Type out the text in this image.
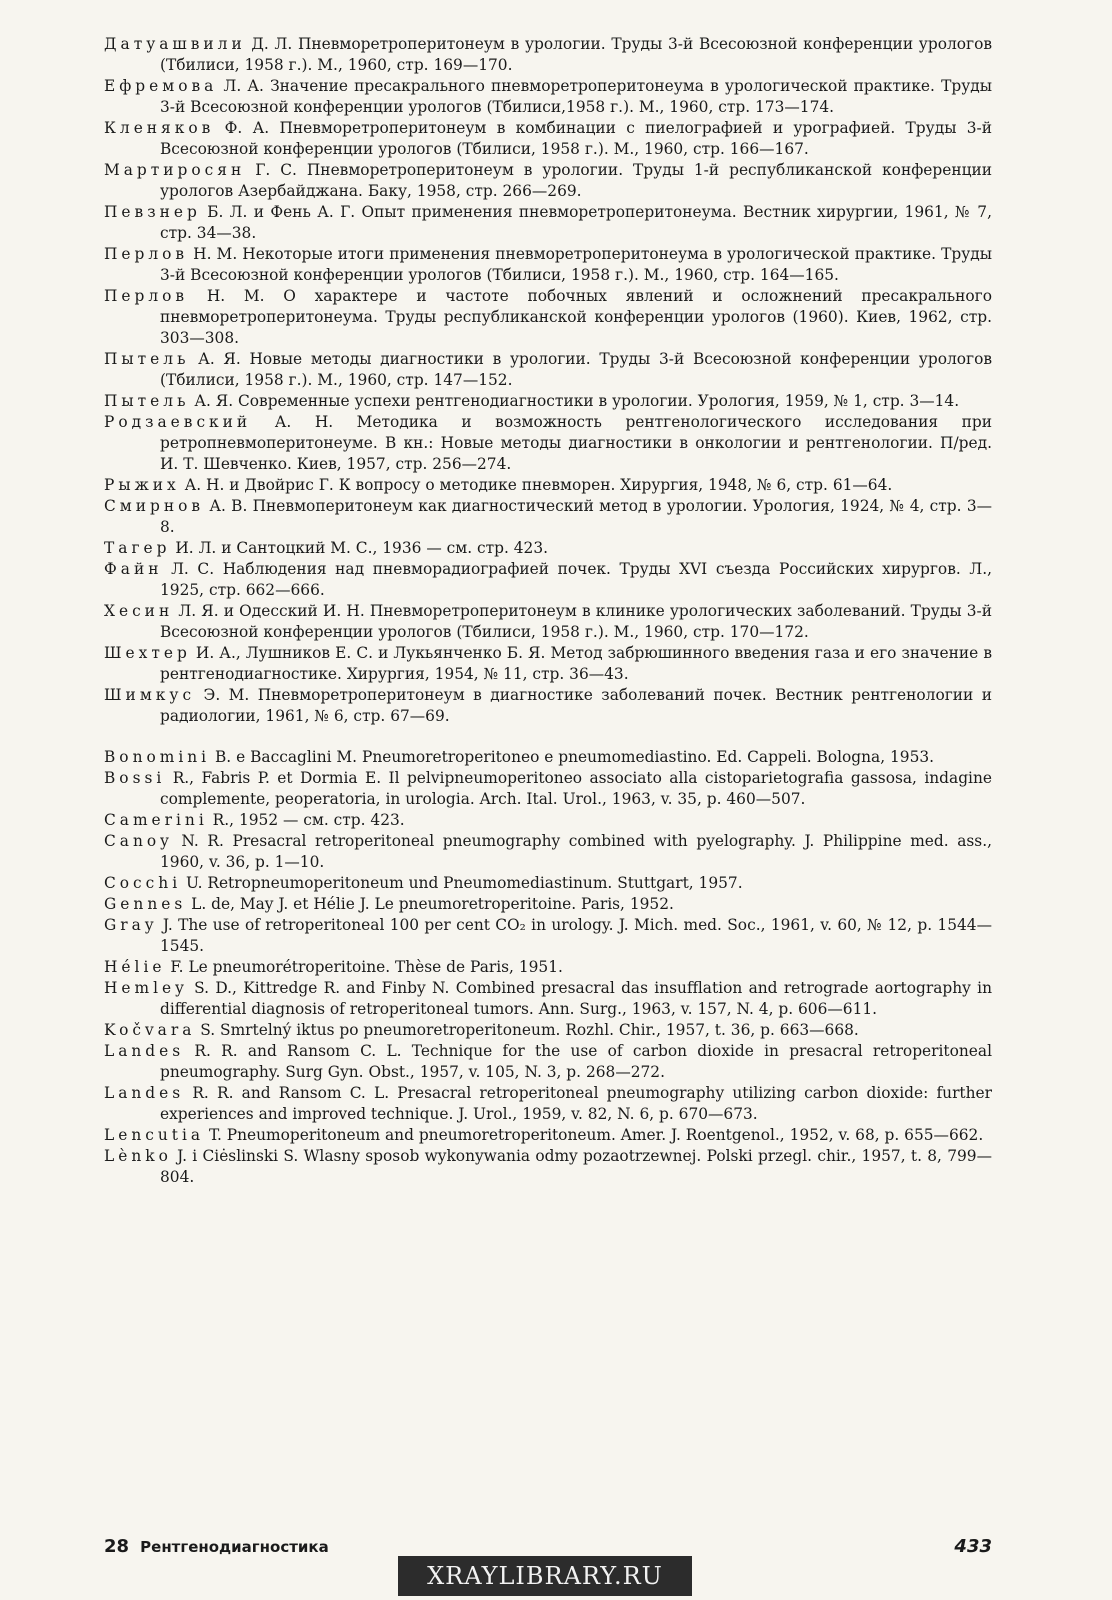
Датуашвили Д. Л. Пневморетроперитонеум в урологии. Труды 3-й Всесоюзной конференции урологов (Тбилиси, 1958 г.). М., 1960, стр. 169—170.
Ефремова Л. А. Значение пресакрального пневморетроперитонеума в урологической практике. Труды 3-й Всесоюзной конференции урологов (Тбилиси,1958 г.). М., 1960, стр. 173—174.
Кленяков Ф. А. Пневморетроперитонеум в комбинации с пиелографией и урографией. Труды 3-й Всесоюзной конференции урологов (Тбилиси, 1958 г.). М., 1960, стр. 166—167.
Мартиросян Г. С. Пневморетроперитонеум в урологии. Труды 1-й республиканской конференции урологов Азербайджана. Баку, 1958, стр. 266—269.
Певзнер Б. Л. и Фень А. Г. Опыт применения пневморетроперитонеума. Вестник хирургии, 1961, № 7, стр. 34—38.
Перлов Н. М. Некоторые итоги применения пневморетроперитонеума в урологической практике. Труды 3-й Всесоюзной конференции урологов (Тбилиси, 1958 г.). М., 1960, стр. 164—165.
Перлов Н. М. О характере и частоте побочных явлений и осложнений пресакрального пневморетроперитонеума. Труды республиканской конференции урологов (1960). Киев, 1962, стр. 303—308.
Пытель А. Я. Новые методы диагностики в урологии. Труды 3-й Всесоюзной конференции урологов (Тбилиси, 1958 г.). М., 1960, стр. 147—152.
Пытель А. Я. Современные успехи рентгенодиагностики в урологии. Урология, 1959, № 1, стр. 3—14.
Родзаевский А. Н. Методика и возможность рентгенологического исследования при ретропневмоперитонеуме. В кн.: Новые методы диагностики в онкологии и рентгенологии. П/ред. И. Т. Шевченко. Киев, 1957, стр. 256—274.
Рыжих А. Н. и Двойрис Г. К вопросу о методике пневморен. Хирургия, 1948, № 6, стр. 61—64.
Смирнов А. В. Пневмоперитонеум как диагностический метод в урологии. Урология, 1924, № 4, стр. 3—8.
Тагер И. Л. и Сантоцкий М. С., 1936 — см. стр. 423.
Файн Л. С. Наблюдения над пневморадиографией почек. Труды XVI съезда Российских хирургов. Л., 1925, стр. 662—666.
Хесин Л. Я. и Одесский И. Н. Пневморетроперитонеум в клинике урологических заболеваний. Труды 3-й Всесоюзной конференции урологов (Тбилиси, 1958 г.). М., 1960, стр. 170—172.
Шехтер И. А., Лушников Е. С. и Лукьянченко Б. Я. Метод забрюшинного введения газа и его значение в рентгенодиагностике. Хирургия, 1954, № 11, стр. 36—43.
Шимкус Э. М. Пневморетроперитонеум в диагностике заболеваний почек. Вестник рентгенологии и радиологии, 1961, № 6, стр. 67—69.
Bonomini B. e Baccaglini M. Pneumoretroperitoneo e pneumomediastino. Ed. Cappeli. Bologna, 1953.
Bossi R., Fabris P. et Dormia E. Il pelvipneumoperitoneo associato alla cistoparietografia gassosa, indagine complemente, peoperatoria, in urologia. Arch. Ital. Urol., 1963, v. 35, p. 460—507.
Camerini R., 1952 — см. стр. 423.
Canoy N. R. Presacral retroperitoneal pneumography combined with pyelography. J. Philippine med. ass., 1960, v. 36, p. 1—10.
Cocchi U. Retropneumoperitoneum und Pneumomediastinum. Stuttgart, 1957.
Gennes L. de, May J. et Hélie J. Le pneumoretroperitoine. Paris, 1952.
Gray J. The use of retroperitoneal 100 per cent CO₂ in urology. J. Mich. med. Soc., 1961, v. 60, № 12, p. 1544—1545.
Hélie F. Le pneumorétroperitoine. Thèse de Paris, 1951.
Hemley S. D., Kittredge R. and Finby N. Combined presacral das insufflation and retrograde aortography in differential diagnosis of retroperitoneal tumors. Ann. Surg., 1963, v. 157, N. 4, p. 606—611.
Kočvara S. Smrtelný iktus po pneumoretroperitoneum. Rozhl. Chir., 1957, t. 36, p. 663—668.
Landes R. R. and Ransom C. L. Technique for the use of carbon dioxide in presacral retroperitoneal pneumography. Surg Gyn. Obst., 1957, v. 105, N. 3, p. 268—272.
Landes R. R. and Ransom C. L. Presacral retroperitoneal pneumography utilizing carbon dioxide: further experiences and improved technique. J. Urol., 1959, v. 82, N. 6, p. 670—673.
Lencutia T. Pneumoperitoneum and pneumoretroperitoneum. Amer. J. Roentgenol., 1952, v. 68, p. 655—662.
Lènko J. i Ciėslinski S. Wlasny sposob wykonywania odmy pozaotrzewnej. Polski przegl. chir., 1957, t. 8, 799—804.
28 Рентгенодиагностика	433
XRAYLIBRARY.RU
